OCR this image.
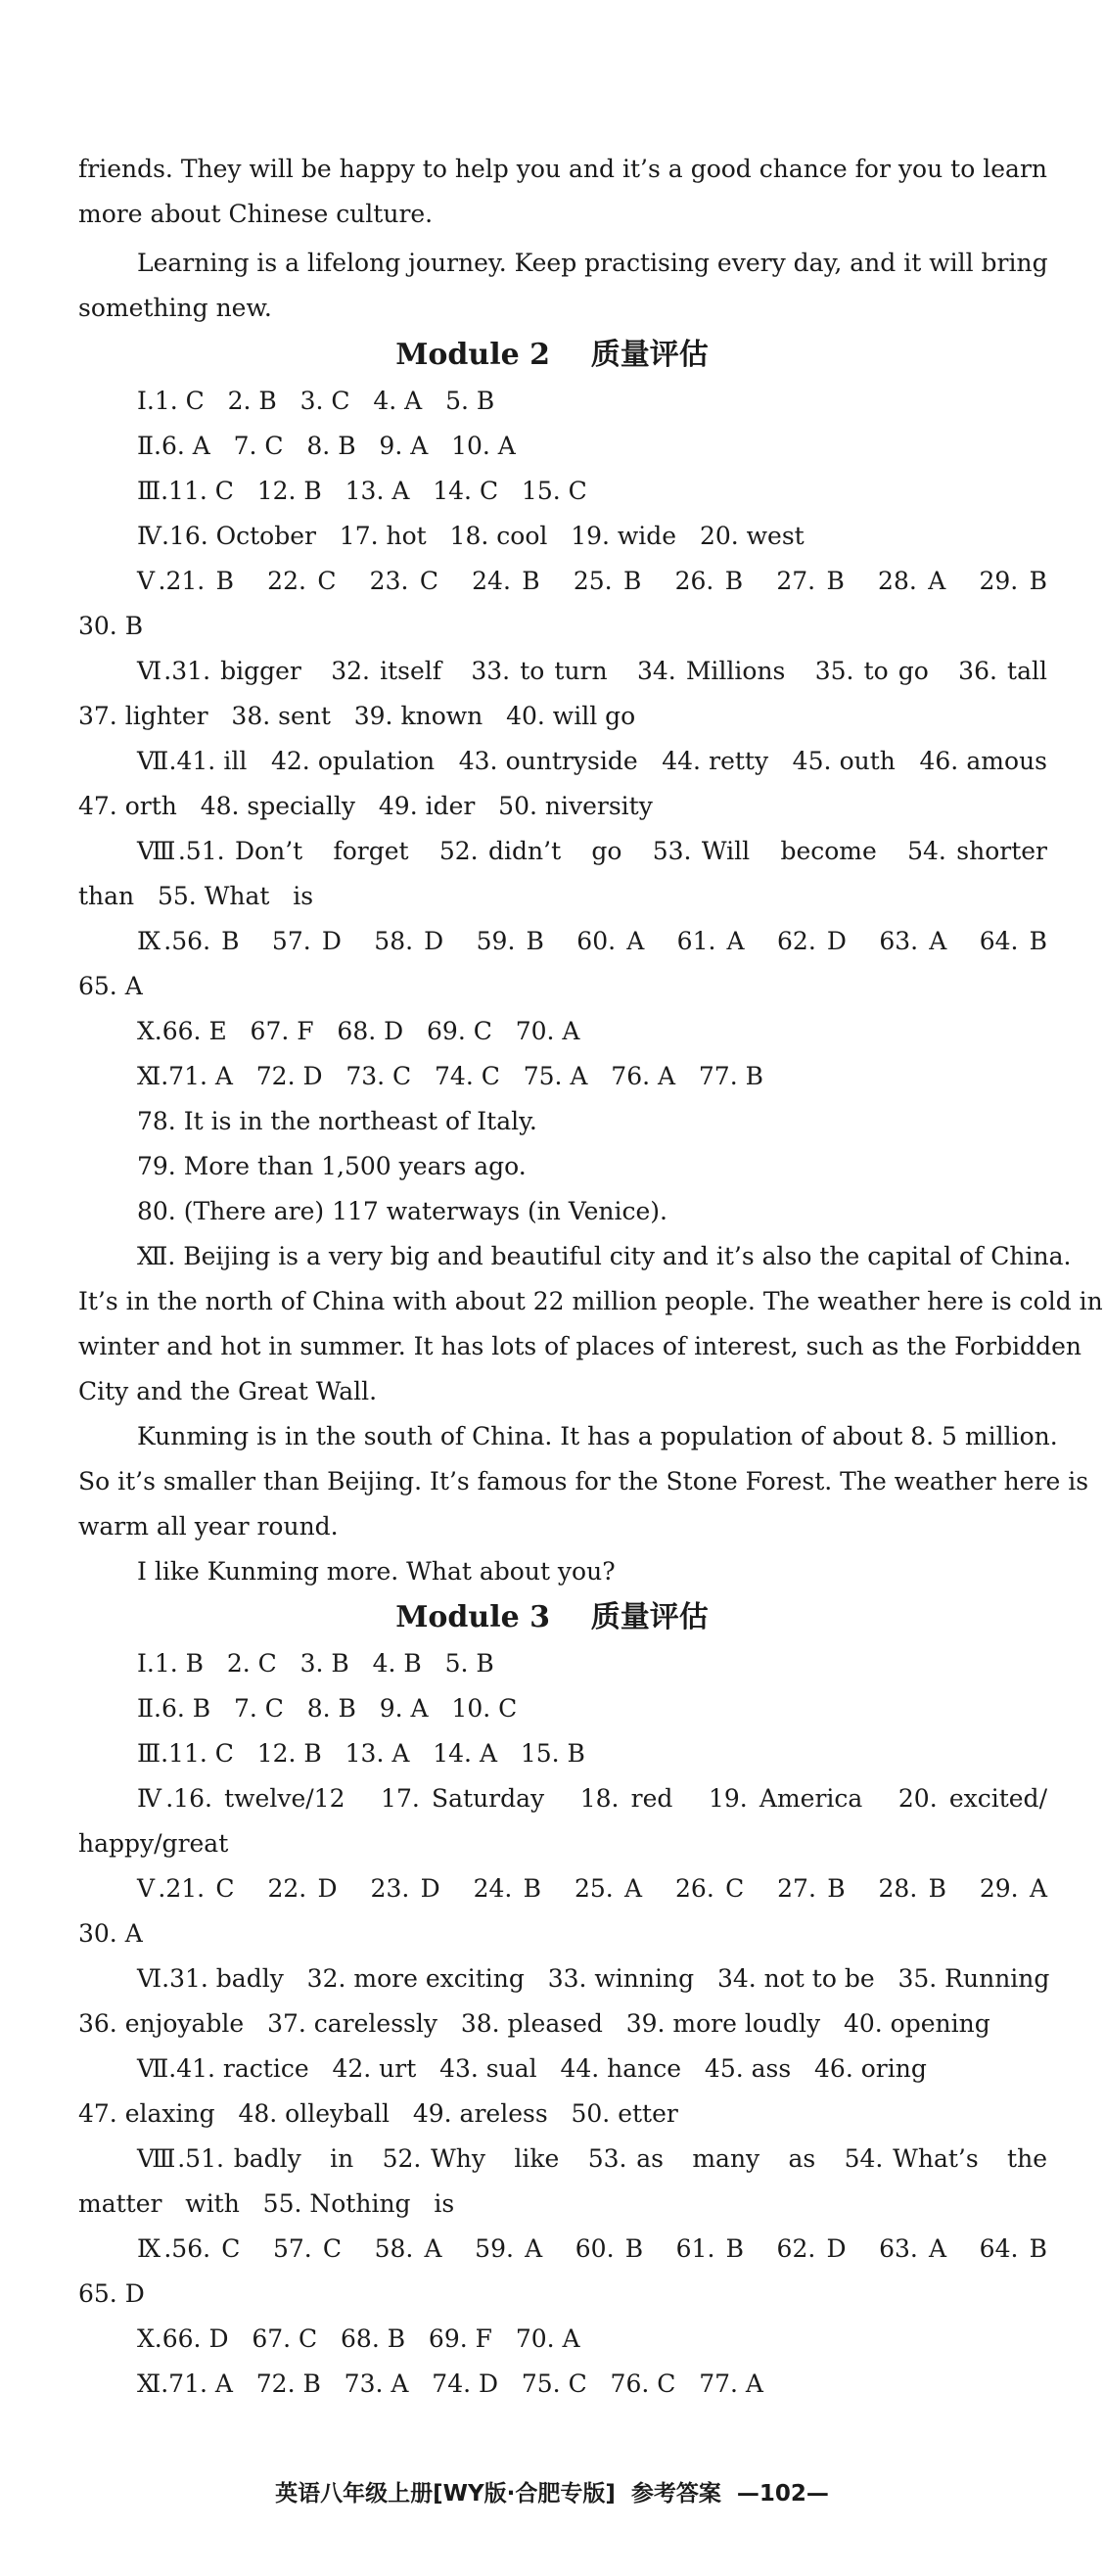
friends. They will be happy to help you and it’s a good chance for you to learn
more about Chinese culture.
Learning is a lifelong journey. Keep practising every day, and it will bring
something new.
Module 2    质量评估
Ⅰ.1. C   2. B   3. C   4. A   5. B
Ⅱ.6. A   7. C   8. B   9. A   10. A
Ⅲ.11. C   12. B   13. A   14. C   15. C
Ⅳ.16. October   17. hot   18. cool   19. wide   20. west
Ⅴ.21. B   22. C   23. C   24. B   25. B   26. B   27. B   28. A   29. B
30. B
Ⅵ.31. bigger   32. itself   33. to turn   34. Millions   35. to go   36. tall
37. lighter   38. sent   39. known   40. will go
Ⅶ.41. ill   42. opulation   43. ountryside   44. retty   45. outh   46. amous
47. orth   48. specially   49. ider   50. niversity
Ⅷ.51. Don’t   forget   52. didn’t   go   53. Will   become   54. shorter
than   55. What   is
Ⅸ.56. B   57. D   58. D   59. B   60. A   61. A   62. D   63. A   64. B
65. A
Ⅹ.66. E   67. F   68. D   69. C   70. A
Ⅺ.71. A   72. D   73. C   74. C   75. A   76. A   77. B
78. It is in the northeast of Italy.
79. More than 1,500 years ago.
80. (There are) 117 waterways (in Venice).
Ⅻ. Beijing is a very big and beautiful city and it’s also the capital of China.
It’s in the north of China with about 22 million people. The weather here is cold in
winter and hot in summer. It has lots of places of interest, such as the Forbidden
City and the Great Wall.
Kunming is in the south of China. It has a population of about 8. 5 million.
So it’s smaller than Beijing. It’s famous for the Stone Forest. The weather here is
warm all year round.
I like Kunming more. What about you?
Module 3    质量评估
Ⅰ.1. B   2. C   3. B   4. B   5. B
Ⅱ.6. B   7. C   8. B   9. A   10. C
Ⅲ.11. C   12. B   13. A   14. A   15. B
Ⅳ.16. twelve/12   17. Saturday   18. red   19. America   20. excited/
happy/great
Ⅴ.21. C   22. D   23. D   24. B   25. A   26. C   27. B   28. B   29. A
30. A
Ⅵ.31. badly   32. more exciting   33. winning   34. not to be   35. Running
36. enjoyable   37. carelessly   38. pleased   39. more loudly   40. opening
Ⅶ.41. ractice   42. urt   43. sual   44. hance   45. ass   46. oring
47. elaxing   48. olleyball   49. areless   50. etter
Ⅷ.51. badly   in   52. Why   like   53. as   many   as   54. What’s   the
matter   with   55. Nothing   is
Ⅸ.56. C   57. C   58. A   59. A   60. B   61. B   62. D   63. A   64. B
65. D
Ⅹ.66. D   67. C   68. B   69. F   70. A
Ⅺ.71. A   72. B   73. A   74. D   75. C   76. C   77. A
英语八年级上册[WY版·合肥专版]  参考答案  —102—
